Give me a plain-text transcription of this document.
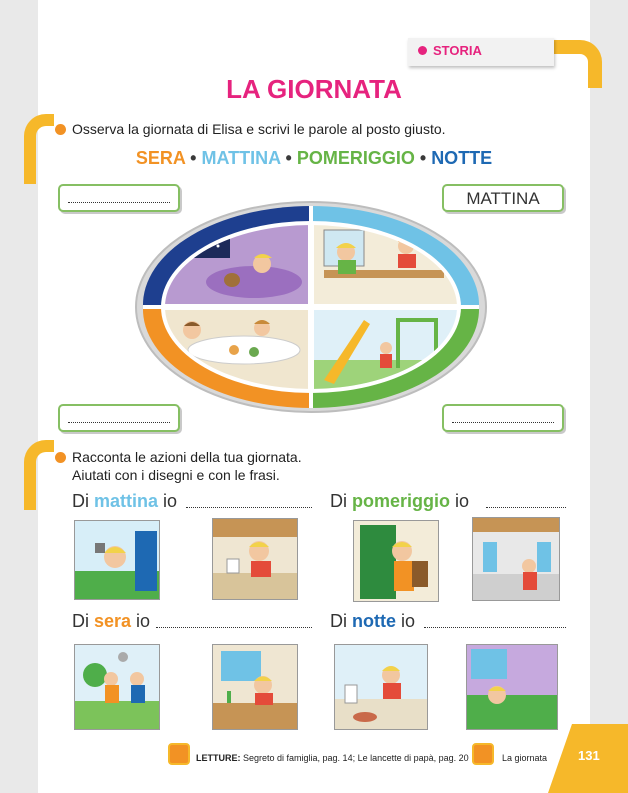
STORIA
LA GIORNATA
Osserva la giornata di Elisa e scrivi le parole al posto giusto.
SERA • MATTINA • POMERIGGIO • NOTTE
MATTINA
Racconta le azioni della tua giornata.
Aiutati con i disegni e con le frasi.
Di mattina io	Di pomeriggio io
Di sera io	Di notte io
LETTURE: Segreto di famiglia, pag. 14; Le lancette di papà, pag. 20	La giornata 131
